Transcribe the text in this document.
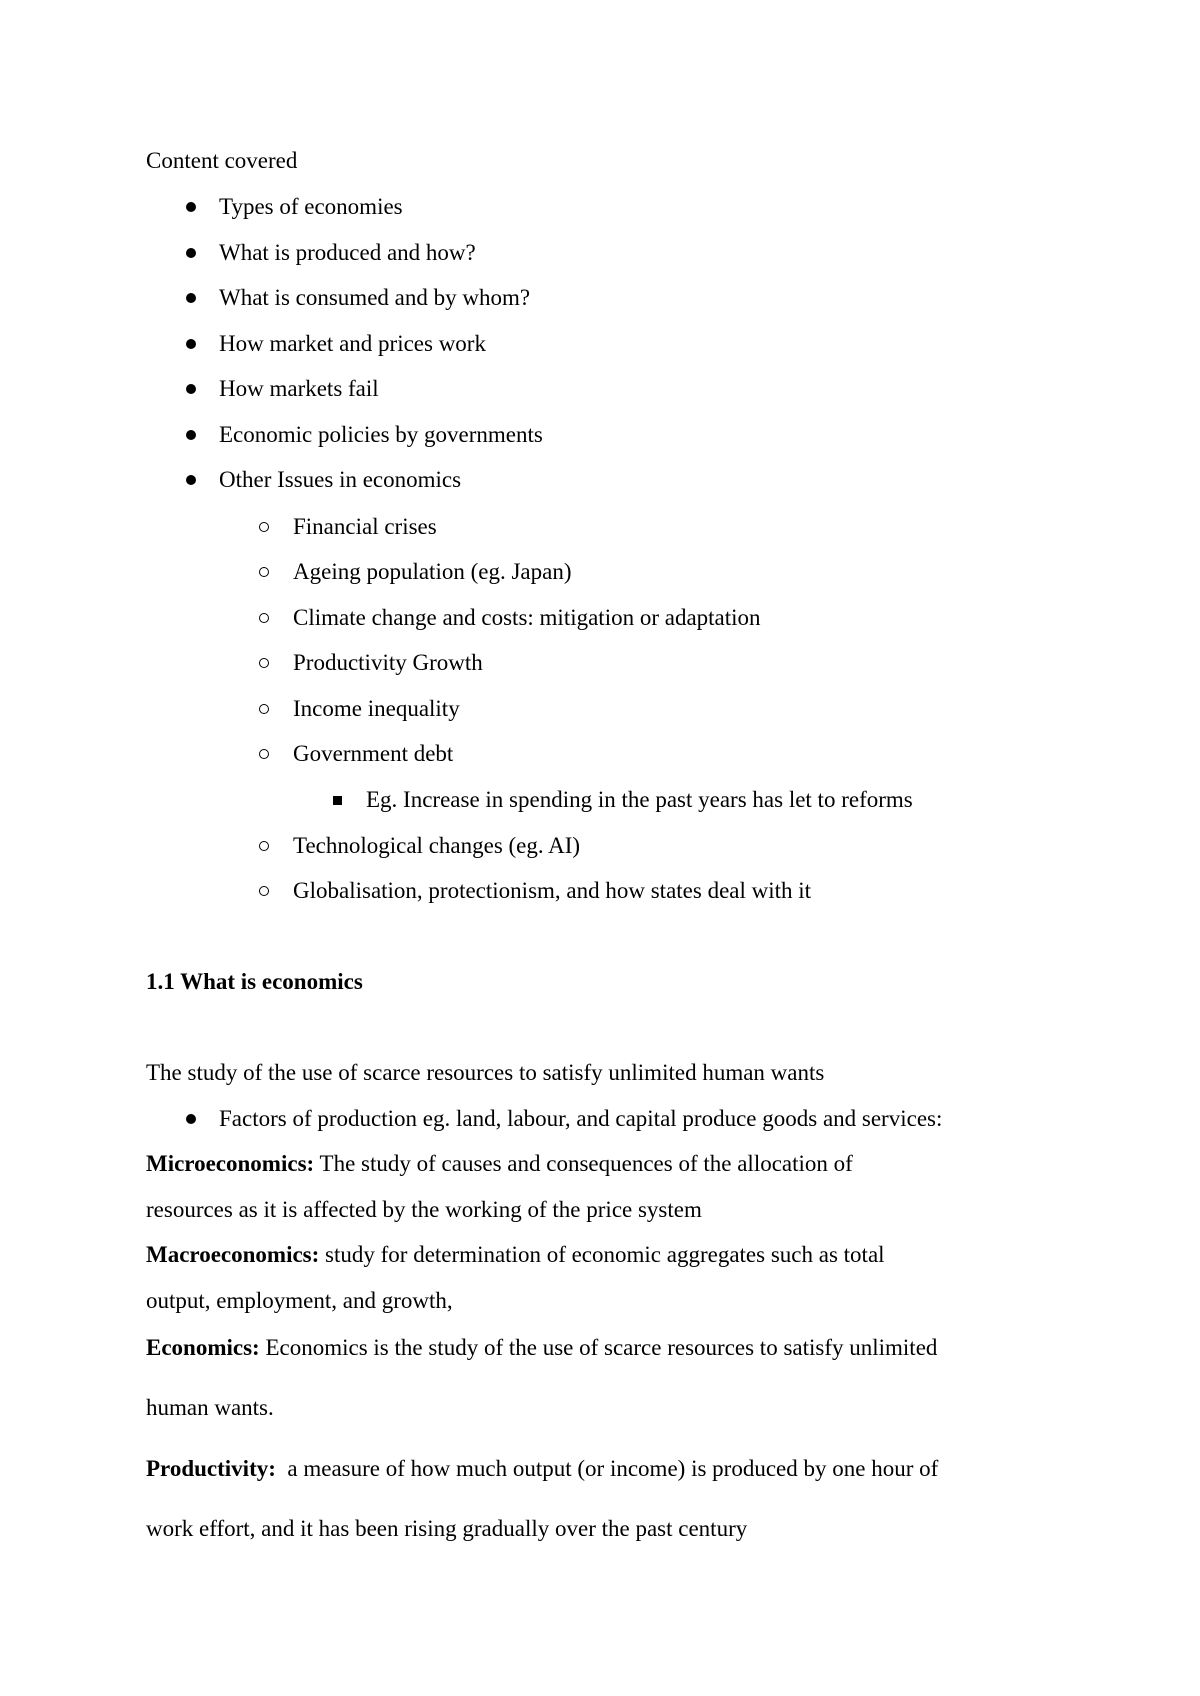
Content covered
Types of economies
What is produced and how?
What is consumed and by whom?
How market and prices work
How markets fail
Economic policies by governments
Other Issues in economics
Financial crises
Ageing population (eg. Japan)
Climate change and costs: mitigation or adaptation
Productivity Growth
Income inequality
Government debt
Eg. Increase in spending in the past years has let to reforms
Technological changes (eg. AI)
Globalisation, protectionism, and how states deal with it
1.1 What is economics
The study of the use of scarce resources to satisfy unlimited human wants
Factors of production eg. land, labour, and capital produce goods and services:
Microeconomics: The study of causes and consequences of the allocation of
resources as it is affected by the working of the price system
Macroeconomics: study for determination of economic aggregates such as total
output, employment, and growth,
Economics: Economics is the study of the use of scarce resources to satisfy unlimited
human wants.
Productivity:  a measure of how much output (or income) is produced by one hour of
work effort, and it has been rising gradually over the past century
